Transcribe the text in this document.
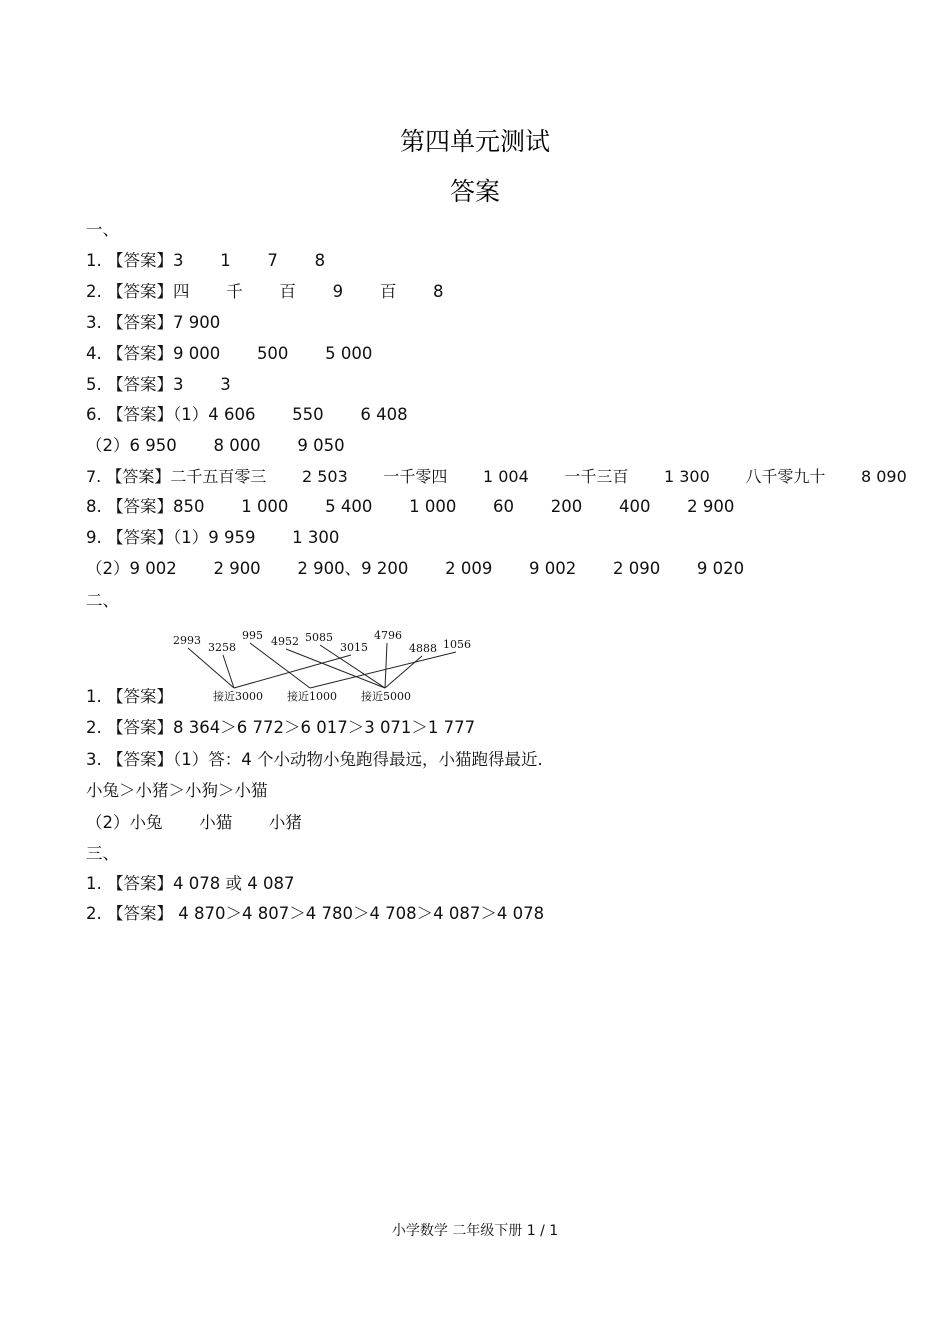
第四单元测试
答案
一、
1. 【答案】3       1       7       8
2. 【答案】四       千       百       9       百       8
3. 【答案】7 900
4. 【答案】9 000       500       5 000
5. 【答案】3       3
6. 【答案】（1）4 606       550       6 408
（2）6 950       8 000       9 050
7. 【答案】二千五百零三       2 503       一千零四       1 004       一千三百       1 300       八千零九十       8 090
8. 【答案】850       1 000       5 400       1 000       60       200       400       2 900
9. 【答案】（1）9 959       1 300
（2）9 002       2 900       2 900、9 200       2 009       9 002       2 090       9 020
二、
2993
3258
995 4952 5085
3015
4796
4888 1056
接近3000 接近1000 接近5000
1. 【答案】
2. 【答案】8 364＞6 772＞6 017＞3 071＞1 777
3. 【答案】（1）答：4 个小动物小兔跑得最远，小猫跑得最近.
小兔＞小猪＞小狗＞小猫
（2）小兔       小猫       小猪
三、
1. 【答案】4 078 或 4 087
2. 【答案】 4 870＞4 807＞4 780＞4 708＞4 087＞4 078
小学数学 二年级下册 1 / 1
